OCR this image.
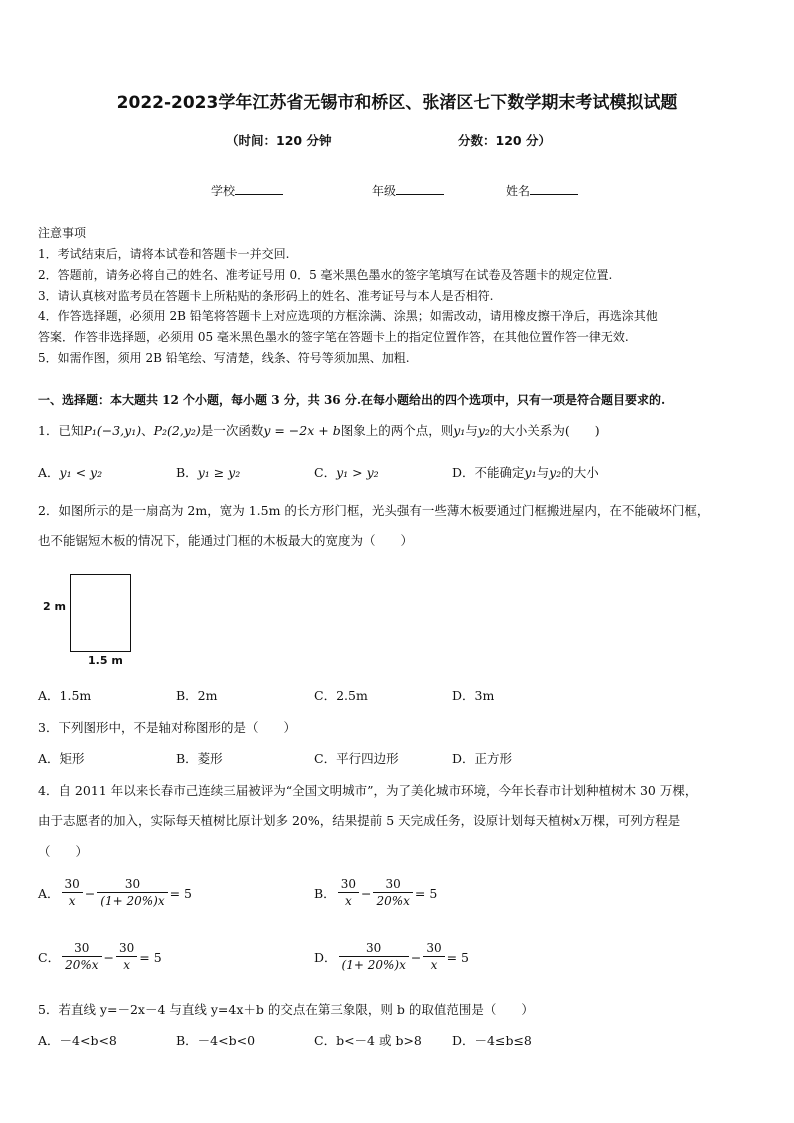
2022-2023学年江苏省无锡市和桥区、张渚区七下数学期末考试模拟试题
（时间：120 分钟	分数：120 分）
学校	年级	姓名
注意事项
1．考试结束后，请将本试卷和答题卡一并交回.
2．答题前，请务必将自己的姓名、准考证号用 0．5 毫米黑色墨水的签字笔填写在试卷及答题卡的规定位置.
3．请认真核对监考员在答题卡上所粘贴的条形码上的姓名、准考证号与本人是否相符.
4．作答选择题，必须用 2B 铅笔将答题卡上对应选项的方框涂满、涂黑；如需改动，请用橡皮擦干净后，再选涂其他
答案．作答非选择题，必须用 05 毫米黑色墨水的签字笔在答题卡上的指定位置作答，在其他位置作答一律无效.
5．如需作图，须用 2B 铅笔绘、写清楚，线条、符号等须加黑、加粗.
一、选择题：本大题共 12 个小题，每小题 3 分，共 36 分.在每小题给出的四个选项中，只有一项是符合题目要求的.
1．已知P₁(−3,y₁)、P₂(2,y₂)是一次函数y = −2x + b图象上的两个点，则y₁与y₂的大小关系为(　　)
A．y₁ < y₂	B．y₁ ≥ y₂	C．y₁ > y₂	D．不能确定y₁与y₂的大小
2．如图所示的是一扇高为 2m，宽为 1.5m 的长方形门框，光头强有一些薄木板要通过门框搬进屋内，在不能破坏门框，
也不能锯短木板的情况下，能通过门框的木板最大的宽度为（　　）
2 m
1.5 m
A．1.5m	B．2m	C．2.5m	D．3m
3．下列图形中，不是轴对称图形的是（　　）
A．矩形	B．菱形	C．平行四边形	D．正方形
4．自 2011 年以来长春市己连续三届被评为“全国文明城市”，为了美化城市环境，今年长春市计划种植树木 30 万棵，
由于志愿者的加入，实际每天植树比原计划多 20%，结果提前 5 天完成任务，设原计划每天植树x万棵，可列方程是
（　　）
A． $\frac{30}{x} - \frac{30}{(1+ 20\%)x} = 5$	B． $\frac{30}{x} - \frac{30}{20\%x} = 5$
C． $\frac{30}{20\%x} - \frac{30}{x} = 5$	D． $\frac{30}{(1+ 20\%)x} - \frac{30}{x} = 5$
5．若直线 y=－2x－4 与直线 y=4x＋b 的交点在第三象限，则 b 的取值范围是（　　）
A．－4<b<8	B．－4<b<0	C．b<－4 或 b>8 D．－4≤b≤8
